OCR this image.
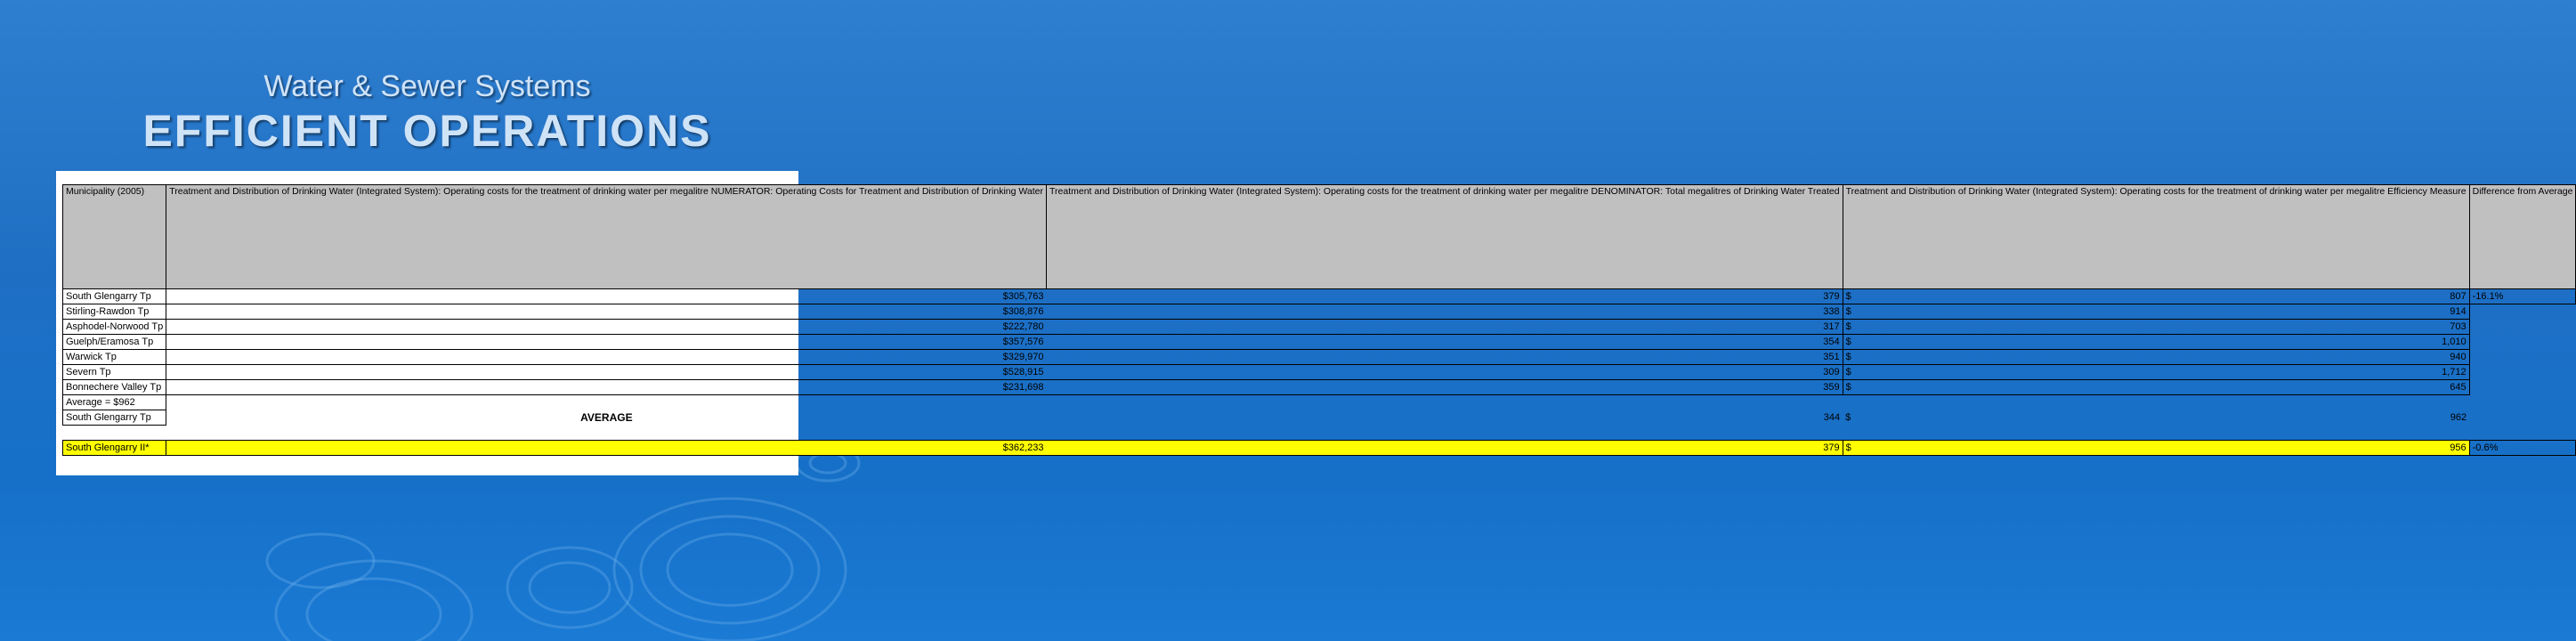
Water & Sewer Systems
EFFICIENT OPERATIONS
Municipality (2005)	Treatment and Distribution of Drinking Water (Integrated System): Operating costs for the treatment of drinking water per megalitre NUMERATOR: Operating Costs for Treatment and Distribution of Drinking Water	Treatment and Distribution of Drinking Water (Integrated System): Operating costs for the treatment of drinking water per megalitre DENOMINATOR: Total megalitres of Drinking Water Treated	Treatment and Distribution of Drinking Water (Integrated System): Operating costs for the treatment of drinking water per megalitre Efficiency Measure	Difference from Average

South Glengarry Tp	$305,763	379	$ 807	-16.1%
Stirling-Rawdon Tp	$308,876	338	$ 914	

Asphodel-Norwood Tp	$222,780	317	$ 703	

Guelph/Eramosa Tp	$357,576	354	$ 1,010	

Warwick Tp	$329,970	351	$ 940	

Severn Tp	$528,915	309	$ 1,712	

Bonnechere Valley Tp	$231,698	359	$ 645	

Average = $962				
South Glengarry Tp	AVERAGE	344	$ 962	

South Glengarry II*	$362,233	379	$ 956	-0.6%
